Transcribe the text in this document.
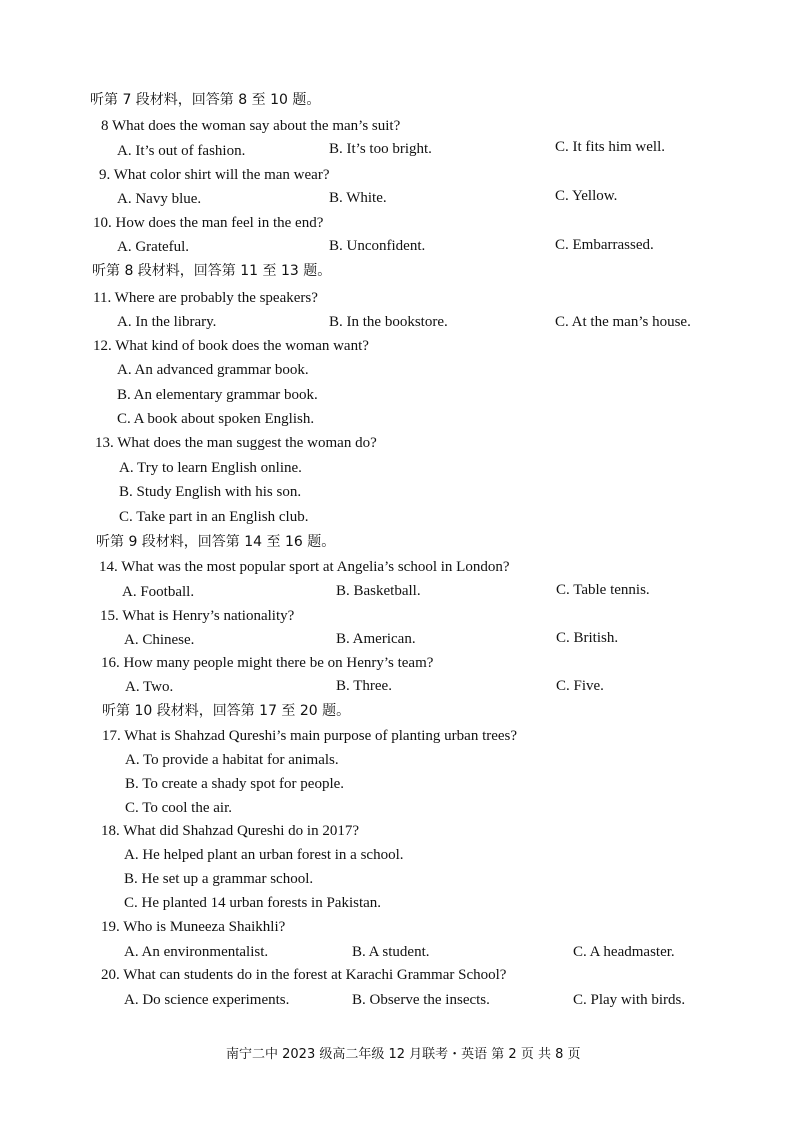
听第 7 段材料，回答第 8 至 10 题。
8 What does the woman say about the man’s suit?
A. It’s out of fashion.	B. It’s too bright.	C. It fits him well.
9. What color shirt will the man wear?
A. Navy blue.	B. White.	C. Yellow.
10. How does the man feel in the end?
A. Grateful.	B. Unconfident.	C. Embarrassed.
听第 8 段材料，回答第 11 至 13 题。
11. Where are probably the speakers?
A. In the library.	B. In the bookstore.	C. At the man’s house.
12. What kind of book does the woman want?
A. An advanced grammar book.
B. An elementary grammar book.
C. A book about spoken English.
13. What does the man suggest the woman do?
A. Try to learn English online.
B. Study English with his son.
C. Take part in an English club.
听第 9 段材料，回答第 14 至 16 题。
14. What was the most popular sport at Angelia’s school in London?
A. Football.	B. Basketball.	C. Table tennis.
15. What is Henry’s nationality?
A. Chinese.	B. American.	C. British.
16. How many people might there be on Henry’s team?
A. Two.	B. Three.	C. Five.
听第 10 段材料，回答第 17 至 20 题。
17. What is Shahzad Qureshi’s main purpose of planting urban trees?
A. To provide a habitat for animals.
B. To create a shady spot for people.
C. To cool the air.
18. What did Shahzad Qureshi do in 2017?
A. He helped plant an urban forest in a school.
B. He set up a grammar school.
C. He planted 14 urban forests in Pakistan.
19. Who is Muneeza Shaikhli?
A. An environmentalist.	B. A student.	C. A headmaster.
20. What can students do in the forest at Karachi Grammar School?
A. Do science experiments.	B. Observe the insects.	C. Play with birds.
南宁二中 2023 级高二年级 12 月联考・英语 第 2 页 共 8 页
